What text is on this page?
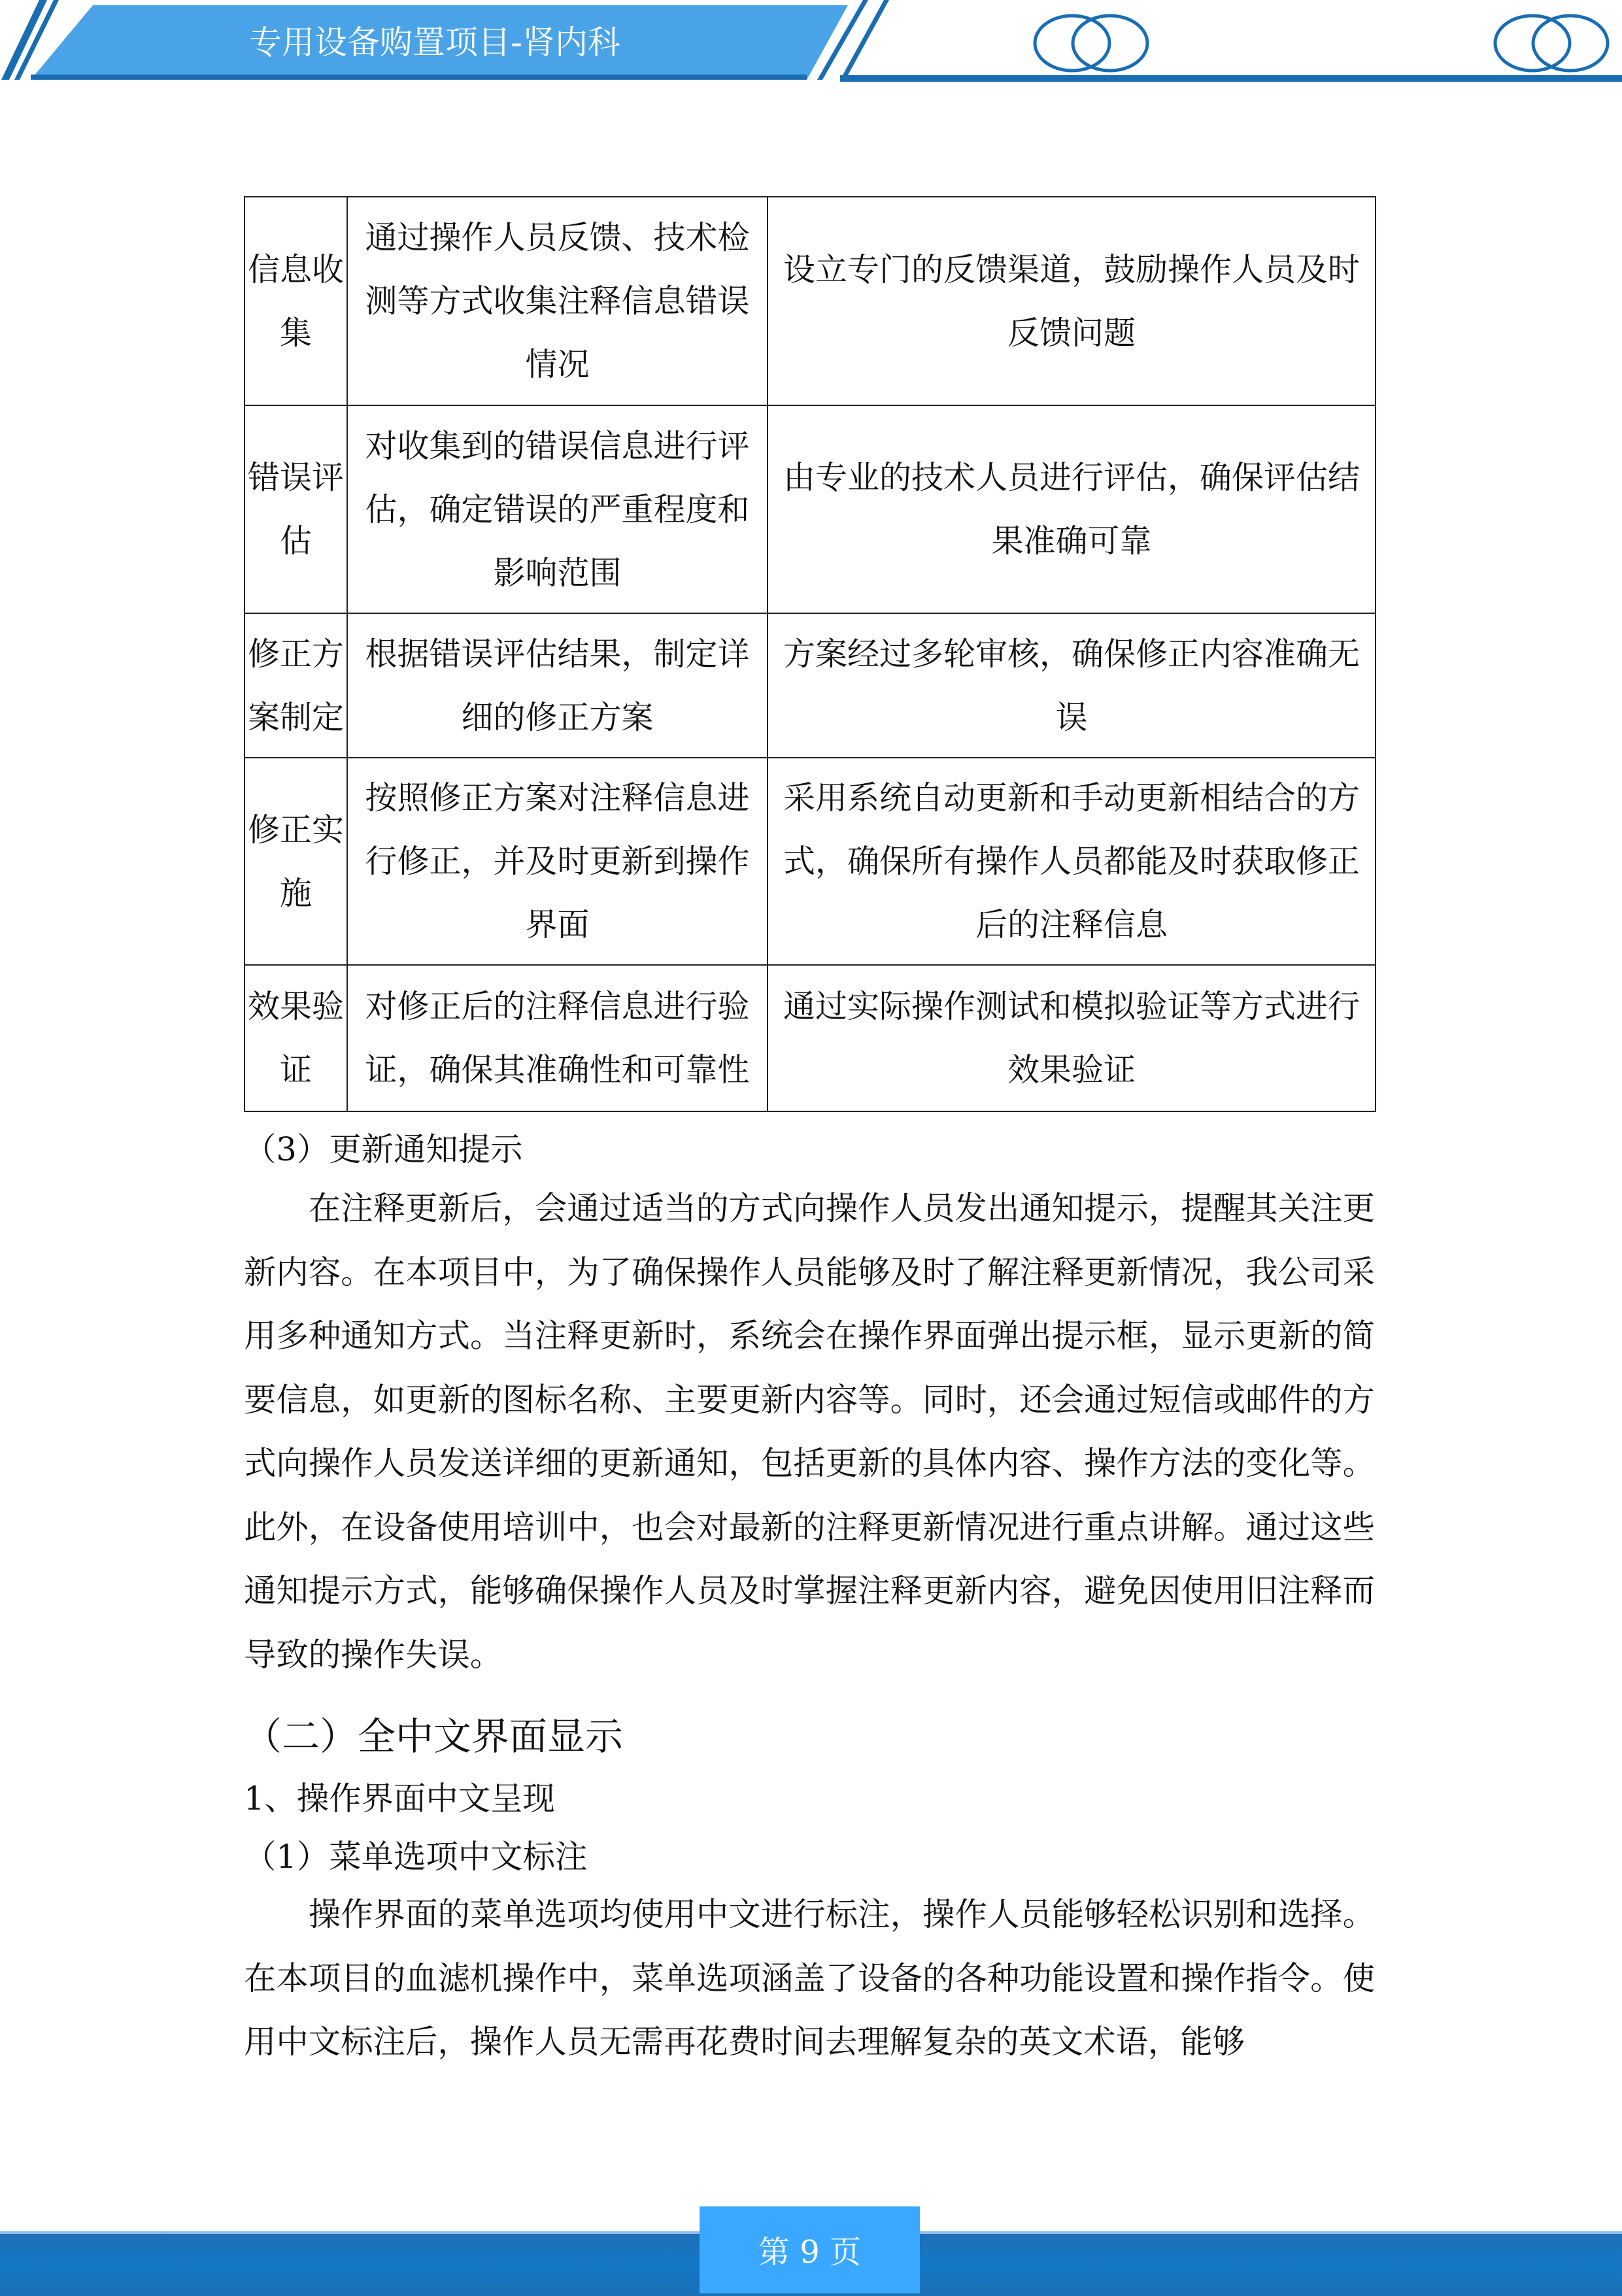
专用设备购置项目-肾内科
信息收集	通过操作人员反馈、技术检测等方式收集注释信息错误情况	设立专门的反馈渠道，鼓励操作人员及时反馈问题
错误评估	对收集到的错误信息进行评估，确定错误的严重程度和影响范围	由专业的技术人员进行评估，确保评估结果准确可靠
修正方案制定	根据错误评估结果，制定详细的修正方案	方案经过多轮审核，确保修正内容准确无误
修正实施	按照修正方案对注释信息进行修正，并及时更新到操作界面	采用系统自动更新和手动更新相结合的方式，确保所有操作人员都能及时获取修正后的注释信息
效果验证	对修正后的注释信息进行验证，确保其准确性和可靠性	通过实际操作测试和模拟验证等方式进行效果验证
（3）更新通知提示
在注释更新后，会通过适当的方式向操作人员发出通知提示，提醒其关注更新内容。在本项目中，为了确保操作人员能够及时了解注释更新情况，我公司采用多种通知方式。当注释更新时，系统会在操作界面弹出提示框，显示更新的简要信息，如更新的图标名称、主要更新内容等。同时，还会通过短信或邮件的方式向操作人员发送详细的更新通知，包括更新的具体内容、操作方法的变化等。此外，在设备使用培训中，也会对最新的注释更新情况进行重点讲解。通过这些通知提示方式，能够确保操作人员及时掌握注释更新内容，避免因使用旧注释而导致的操作失误。
（二）全中文界面显示
1、操作界面中文呈现
（1）菜单选项中文标注
操作界面的菜单选项均使用中文进行标注，操作人员能够轻松识别和选择。在本项目的血滤机操作中，菜单选项涵盖了设备的各种功能设置和操作指令。使用中文标注后，操作人员无需再花费时间去理解复杂的英文术语，能够
第 9 页
